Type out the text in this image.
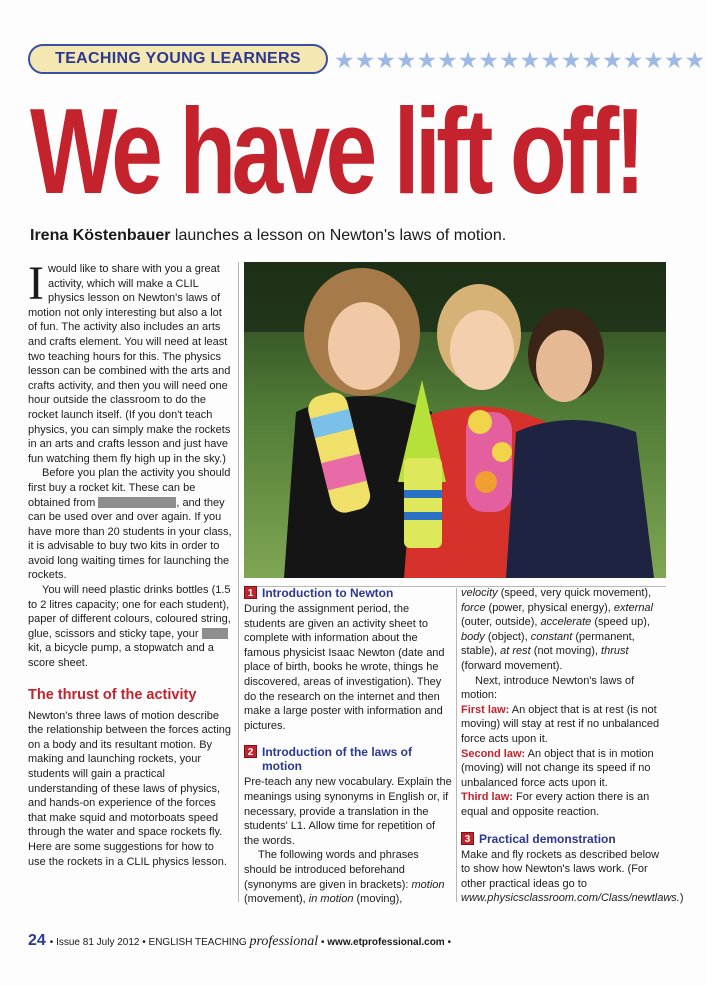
TEACHING YOUNG LEARNERS ★★★★★★★★★★★★★★★★★★
We have lift off!
Irena Köstenbauer launches a lesson on Newton's laws of motion.

Iwould like to share with you a great activity, which will make a CLIL physics lesson on Newton's laws of motion not only interesting but also a lot of fun. The activity also includes an arts and crafts element. You will need at least two teaching hours for this. The physics lesson can be combined with the arts and crafts activity, and then you will need one hour outside the classroom to do the rocket launch itself. (If you don't teach physics, you can simply make the rockets in an arts and crafts lesson and just have fun watching them fly high up in the sky.)

Before you plan the activity you should first buy a rocket kit. These can be obtained from	, and they can be used over and over again. If you have more than 20 students in your class, it is advisable to buy two kits in order to avoid long waiting times for launching the rockets.

You will need plastic drinks bottles (1.5 to 2 litres capacity; one for each student), paper of different colours, coloured string, glue, scissors and sticky tape, your  kit, a bicycle pump, a stopwatch and a score sheet.

The thrust of the activity

Newton's three laws of motion describe the relationship between the forces acting on a body and its resultant motion. By making and launching rockets, your students will gain a practical understanding of these laws of physics, and hands-on experience of the forces that make squid and motorboats speed through the water and space rockets fly. Here are some suggestions for how to use the rockets in a CLIL physics lesson.

1 Introduction to Newton

During the assignment period, the students are given an activity sheet to complete with information about the famous physicist Isaac Newton (date and place of birth, books he wrote, things he discovered, areas of investigation). They do the research on the internet and then make a large poster with information and pictures.

2 Introduction of the laws of motion

Pre-teach any new vocabulary. Explain the meanings using synonyms in English or, if necessary, provide a translation in the students' L1. Allow time for repetition of the words.

The following words and phrases should be introduced beforehand (synonyms are given in brackets): motion (movement), in motion (moving),

velocity (speed, very quick movement), force (power, physical energy), external (outer, outside), accelerate (speed up), body (object), constant (permanent, stable), at rest (not moving), thrust (forward movement).

Next, introduce Newton's laws of motion:

First law: An object that is at rest (is not moving) will stay at rest if no unbalanced force acts upon it.

Second law: An object that is in motion (moving) will not change its speed if no unbalanced force acts upon it.

Third law: For every action there is an equal and opposite reaction.

3 Practical demonstration

Make and fly rockets as described below to show how Newton's laws work. (For other practical ideas go to www.physicsclassroom.com/Class/newtlaws.)

24 • Issue 81 July 2012 • ENGLISH TEACHING professional • www.etprofessional.com •
